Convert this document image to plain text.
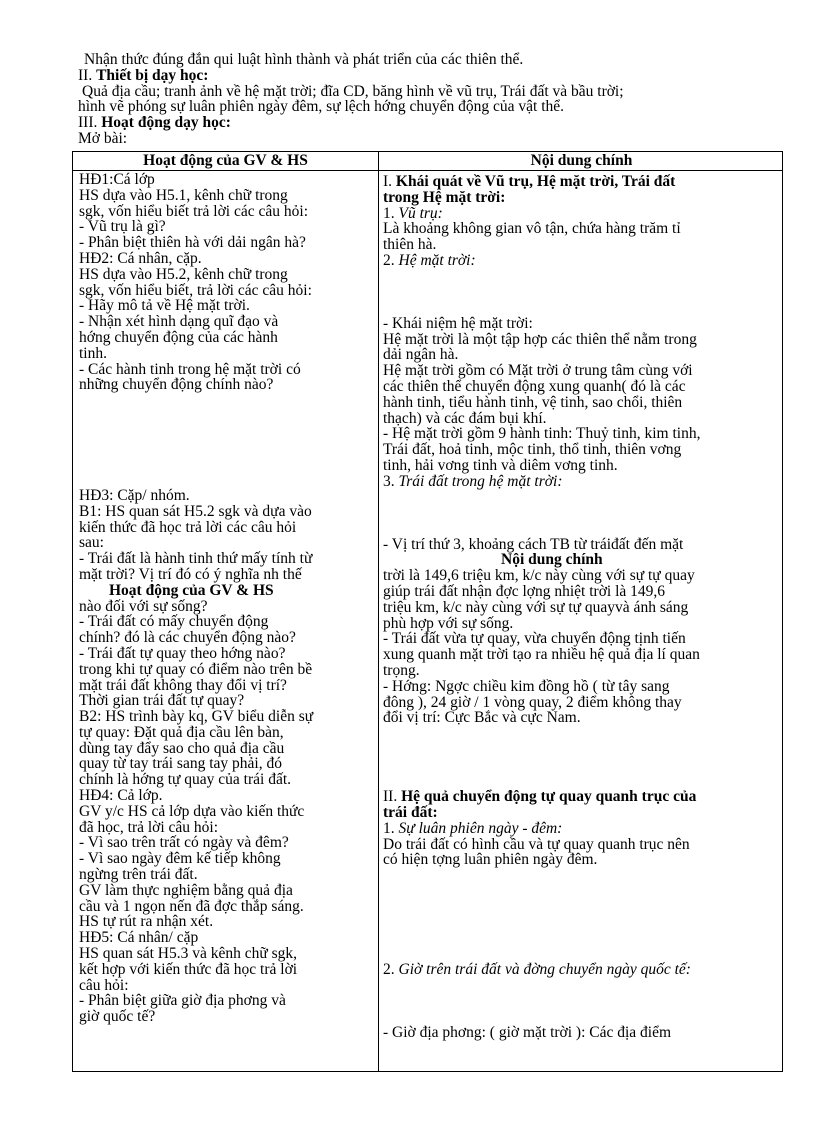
Nhận thức đúng đắn qui luật hình thành và phát triển của các thiên thể.
II. Thiết bị dạy học:
Quả địa cầu; tranh ảnh về hệ mặt trời; đĩa CD, băng hình về vũ trụ, Trái đất và bầu trời;
hình vẽ phóng sự luân phiên ngày đêm, sự lệch hớng chuyển động của vật thể.
III. Hoạt động dạy học:
Mở bài:
Hoạt động của GV & HS	Nội dung chính
HĐ1:Cá lớp
HS dựa vào H5.1, kênh chữ trong
sgk, vốn hiểu biết trả lời các câu hỏi:
- Vũ trụ là gì?
- Phân biệt thiên hà với dải ngân hà?
HĐ2: Cá nhân, cặp.
HS dựa vào H5.2, kênh chữ trong
sgk, vốn hiểu biết, trả lời các câu hỏi:
- Hãy mô tả về Hệ mặt trời.
- Nhận xét hình dạng quĩ đạo và
hớng chuyển động của các hành
tinh.
- Các hành tinh trong hệ mặt trời có
những chuyển động chính nào?
HĐ3: Cặp/ nhóm.
B1: HS quan sát H5.2 sgk và dựa vào
kiến thức đã học trả lời các câu hỏi
sau:
- Trái đất là hành tinh thứ mấy tính từ
mặt trời? Vị trí đó có ý nghĩa nh thế
Hoạt động của GV & HS
nào đối với sự sống?
- Trái đất có mấy chuyển động
chính? đó là các chuyển động nào?
- Trái đất tự quay theo hớng nào?
trong khi tự quay có điểm nào trên bề
mặt trái đất không thay đổi vị trí?
Thời gian trái đất tự quay?
B2: HS trình bày kq, GV biểu diễn sự
tự quay: Đặt quả địa cầu lên bàn,
dùng tay đẩy sao cho quả địa cầu
quay từ tay trái sang tay phải, đó
chính là hớng tự quay của trái đất.
HĐ4: Cả lớp.
GV y/c HS cả lớp dựa vào kiến thức
đã học, trả lời câu hỏi:
- Vì sao trên trất có ngày và đêm?
- Vì sao ngày đêm kế tiếp không
ngừng trên trái đất.
GV làm thực nghiệm bằng quả địa
cầu và 1 ngọn nến đã đợc thắp sáng.
HS tự rút ra nhận xét.
HĐ5: Cá nhân/ cặp
HS quan sát H5.3 và kênh chữ sgk,
kết hợp với kiến thức đã học trả lời
câu hỏi:
- Phân biệt giữa giờ địa phơng và
giờ quốc tế?
I. Khái quát về Vũ trụ, Hệ mặt trời, Trái đất
trong Hệ mặt trời:
1. Vũ trụ:
Là khoảng không gian vô tận, chứa hàng trăm tỉ
thiên hà.
2. Hệ mặt trời:
- Khái niệm hệ mặt trời:
Hệ mặt trời là một tập hợp các thiên thể nằm trong
dải ngân hà.
Hệ mặt trời gồm có Mặt trời ở trung tâm cùng với
các thiên thể chuyển động xung quanh( đó là các
hành tinh, tiểu hành tinh, vệ tinh, sao chổi, thiên
thạch) và các đám bụi khí.
- Hệ mặt trời gồm 9 hành tinh: Thuỷ tinh, kim tinh,
Trái đất, hoả tinh, mộc tinh, thổ tinh, thiên vơng
tinh, hải vơng tinh và diêm vơng tinh.
3. Trái đất trong hệ mặt trời:
- Vị trí thứ 3, khoảng cách TB từ tráiđất đến mặt
Nội dung chính
trời là 149,6 triệu km, k/c này cùng với sự tự quay
giúp trái đất nhận đợc lợng nhiệt trời là 149,6
triệu km, k/c này cùng với sự tự quayvà ánh sáng
phù hợp với sự sống.
- Trái đất vừa tự quay, vừa chuyển động tịnh tiến
xung quanh mặt trời tạo ra nhiều hệ quả địa lí quan
trọng.
- Hớng: Ngợc chiều kim đồng hồ ( từ tây sang
đông ), 24 giờ / 1 vòng quay, 2 điểm không thay
đổi vị trí: Cực Bắc và cực Nam.
II. Hệ quả chuyển động tự quay quanh trục của
trái đất:
1. Sự luân phiên ngày - đêm:
Do trái đất có hình cầu và tự quay quanh trục nên
có hiện tợng luân phiên ngày đêm.
2. Giờ trên trái đất và đờng chuyển ngày quốc tế:
- Giờ địa phơng: ( giờ mặt trời ): Các địa điểm
